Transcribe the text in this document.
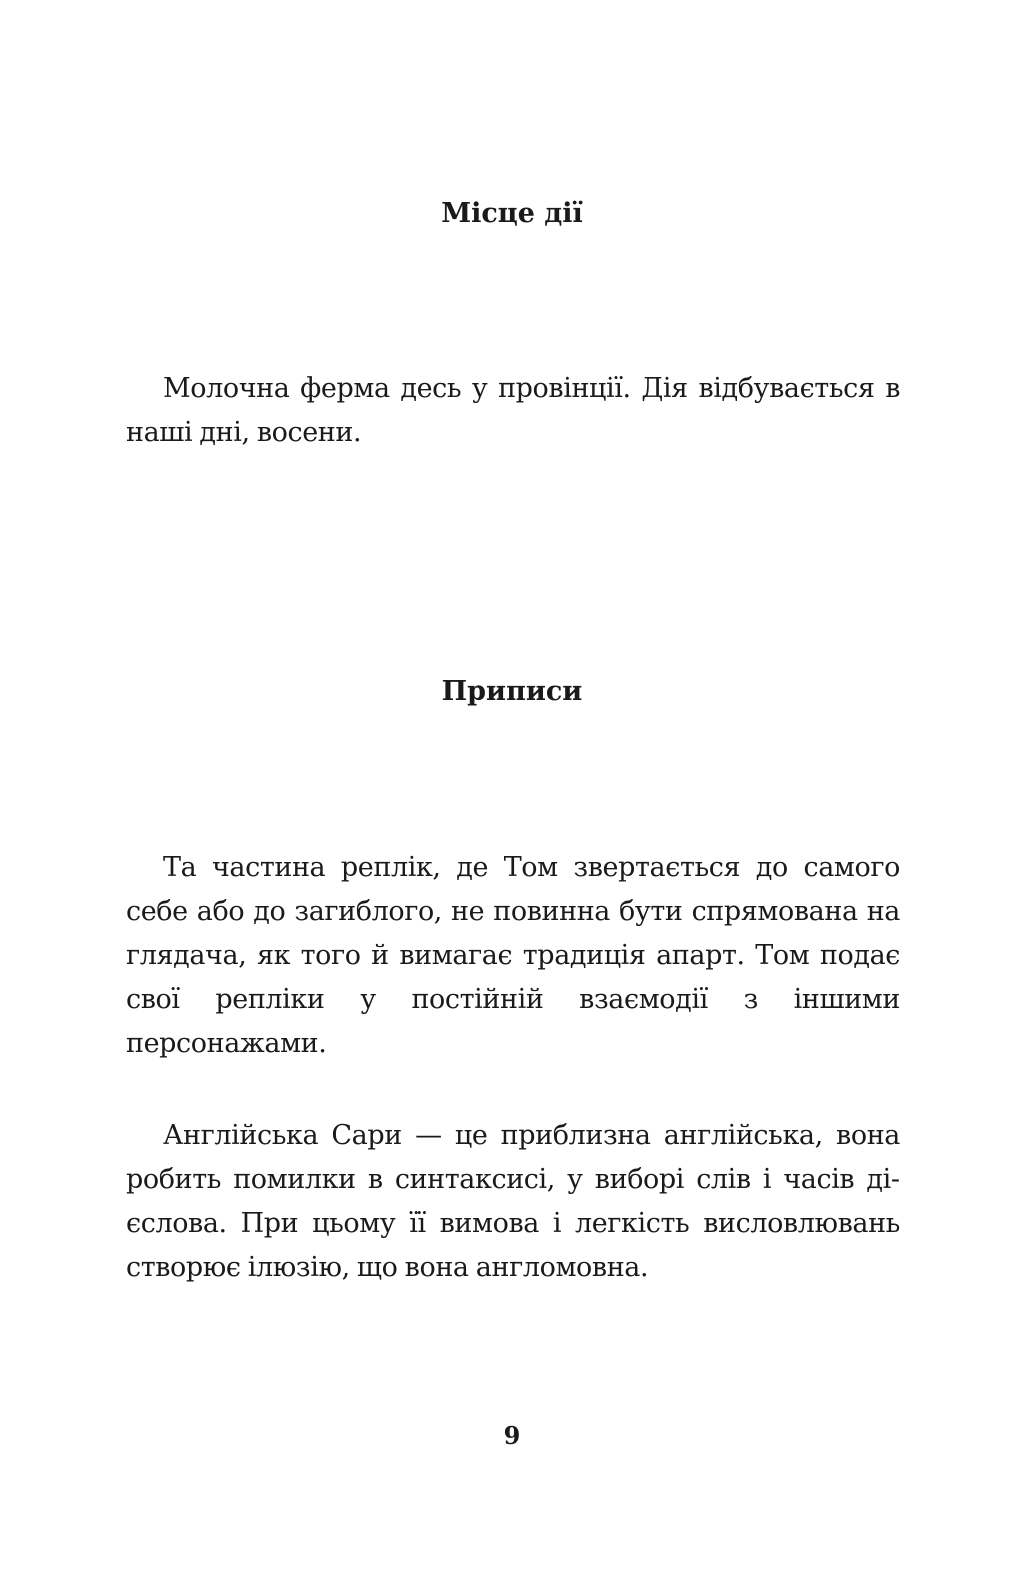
Місце дії

Молочна ферма десь у провінції. Дія відбувається в наші дні, восени.

Приписи

Та частина реплік, де Том звертається до самого себе або до загиблого, не повинна бути спрямована на глядача, як того й вимагає традиція апарт. Том подає свої репліки у постійній взаємодії з іншими персонажами.

Англійська Сари — це приблизна англійська, вона робить помилки в синтаксисі, у виборі слів і часів дієслова. При цьому її вимова і легкість висловлювань створює ілюзію, що вона англомовна.

9
